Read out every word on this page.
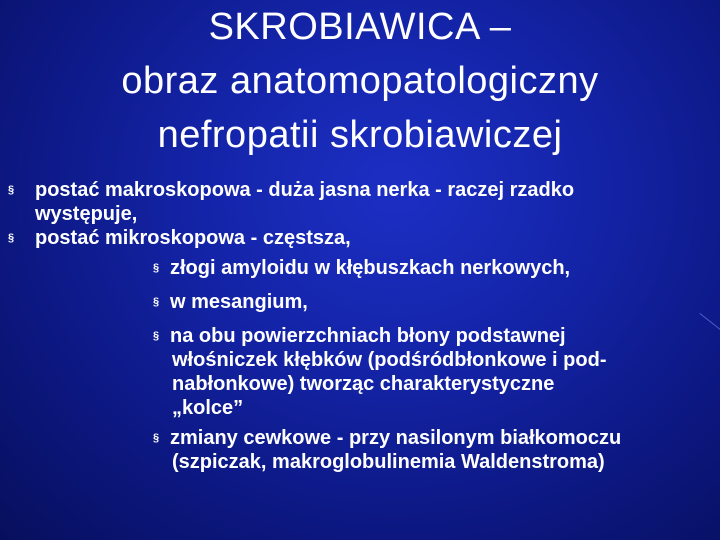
SKROBIAWICA –
obraz anatomopatologiczny
nefropatii skrobiawiczej
§ postać makroskopowa - duża jasna nerka - raczej rzadko
występuje,
§ postać mikroskopowa - częstsza,
§ złogi amyloidu w kłębuszkach nerkowych,
§ w mesangium,
§ na obu powierzchniach błony podstawnej
włośniczek kłębków (podśródbłonkowe i pod-
nabłonkowe) tworząc charakterystyczne
„kolce”
§ zmiany cewkowe - przy nasilonym białkomoczu
(szpiczak, makroglobulinemia Waldenstroma)
